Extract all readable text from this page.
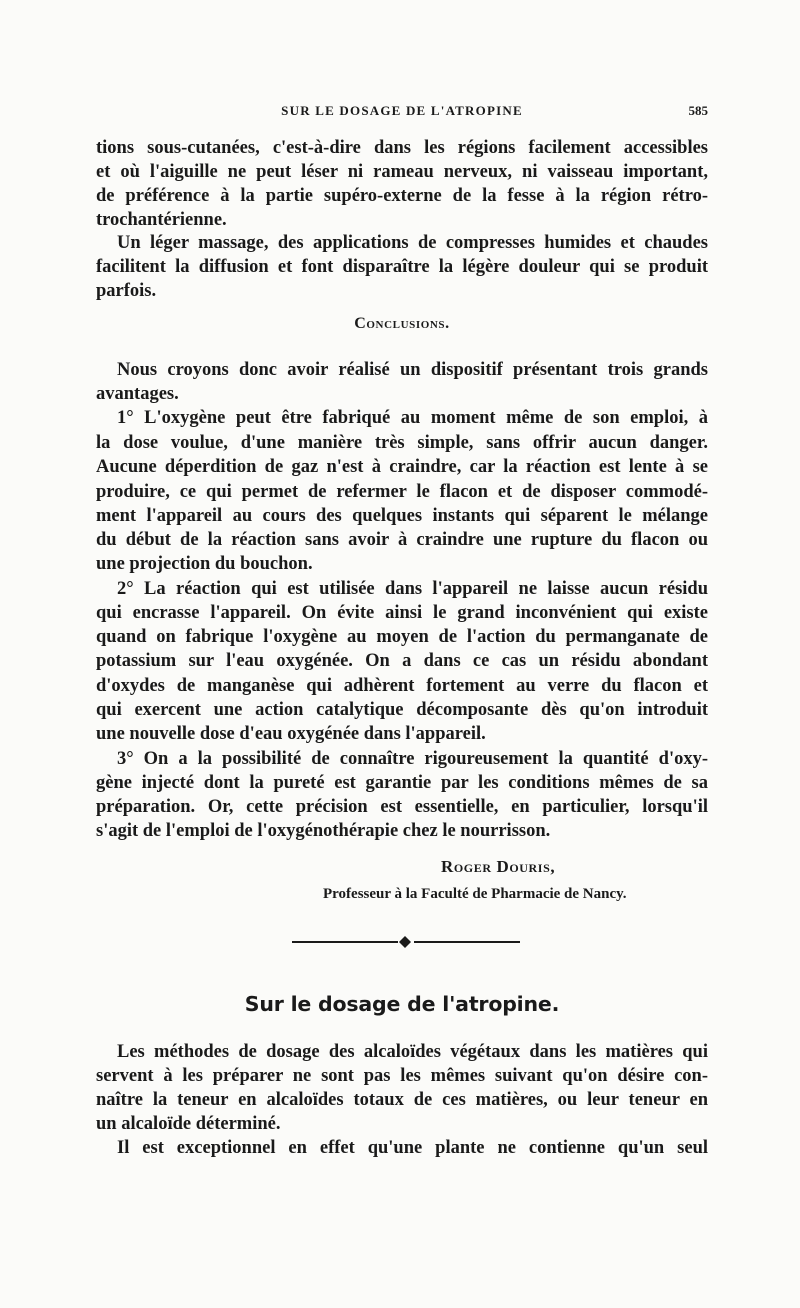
SUR LE DOSAGE DE L'ATROPINE	585
tions sous-cutanées, c'est-à-dire dans les régions facilement accessibles
et où l'aiguille ne peut léser ni rameau nerveux, ni vaisseau important,
de préférence à la partie supéro-externe de la fesse à la région rétro-
trochantérienne.
Un léger massage, des applications de compresses humides et chaudes
facilitent la diffusion et font disparaître la légère douleur qui se produit
parfois.
Conclusions.
Nous croyons donc avoir réalisé un dispositif présentant trois grands
avantages.
1° L'oxygène peut être fabriqué au moment même de son emploi, à
la dose voulue, d'une manière très simple, sans offrir aucun danger.
Aucune déperdition de gaz n'est à craindre, car la réaction est lente à se
produire, ce qui permet de refermer le flacon et de disposer commodé-
ment l'appareil au cours des quelques instants qui séparent le mélange
du début de la réaction sans avoir à craindre une rupture du flacon ou
une projection du bouchon.
2° La réaction qui est utilisée dans l'appareil ne laisse aucun résidu
qui encrasse l'appareil. On évite ainsi le grand inconvénient qui existe
quand on fabrique l'oxygène au moyen de l'action du permanganate de
potassium sur l'eau oxygénée. On a dans ce cas un résidu abondant
d'oxydes de manganèse qui adhèrent fortement au verre du flacon et
qui exercent une action catalytique décomposante dès qu'on introduit
une nouvelle dose d'eau oxygénée dans l'appareil.
3° On a la possibilité de connaître rigoureusement la quantité d'oxy-
gène injecté dont la pureté est garantie par les conditions mêmes de sa
préparation. Or, cette précision est essentielle, en particulier, lorsqu'il
s'agit de l'emploi de l'oxygénothérapie chez le nourrisson.
Roger Douris,
Professeur à la Faculté de Pharmacie de Nancy.
Sur le dosage de l'atropine.
Les méthodes de dosage des alcaloïdes végétaux dans les matières qui
servent à les préparer ne sont pas les mêmes suivant qu'on désire con-
naître la teneur en alcaloïdes totaux de ces matières, ou leur teneur en
un alcaloïde déterminé.
Il est exceptionnel en effet qu'une plante ne contienne qu'un seul
